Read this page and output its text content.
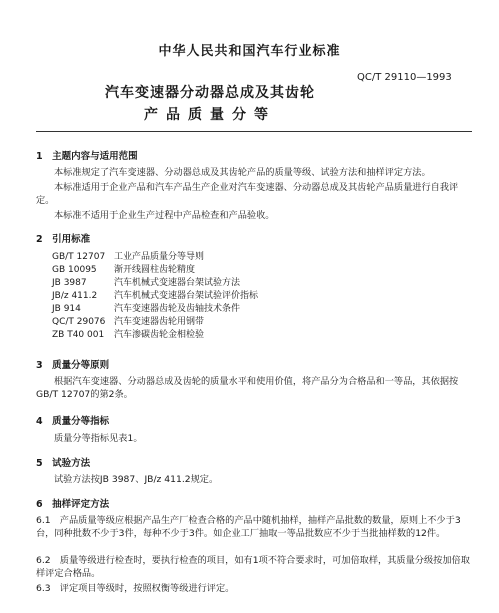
中华人民共和国汽车行业标准
QC/T 29110—1993
汽车变速器分动器总成及其齿轮
产品质量分等
1　主题内容与适用范围
本标准规定了汽车变速器、分动器总成及其齿轮产品的质量等级、试验方法和抽样评定方法。
本标准适用于企业产品和汽车产品生产企业对汽车变速器、分动器总成及其齿轮产品质量进行自我评定。
本标准不适用于企业生产过程中产品检查和产品验收。
2　引用标准
GB/T 12707 工业产品质量分等导则
GB 10095 渐开线圆柱齿轮精度
JB 3987	汽车机械式变速器台架试验方法
JB/z 411.2 汽车机械式变速器台架试验评价指标
JB 914	汽车变速器齿轮及齿轴技术条件
QC/T 29076 汽车变速器齿轮用钢带
ZB T40 001 汽车渗碳齿轮金相检验
3　质量分等原则
根据汽车变速器、分动器总成及齿轮的质量水平和使用价值，将产品分为合格品和一等品，其依据按GB/T 12707的第2条。
4　质量分等指标
质量分等指标见表1。
5　试验方法
试验方法按JB 3987、JB/z 411.2规定。
6　抽样评定方法
6.1　产品质量等级应根据产品生产厂检查合格的产品中随机抽样，抽样产品批数的数量，原则上不少于3台，同种批数不少于3件，每种不少于3件。如企业工厂抽取一等品批数应不少于当批抽样数的12件。
6.2　质量等级进行检查时，要执行检查的项目，如有1项不符合要求时，可加倍取样，其质量分级按加倍取样评定合格品。
6.3　评定项目等级时，按照权衡等级进行评定。
